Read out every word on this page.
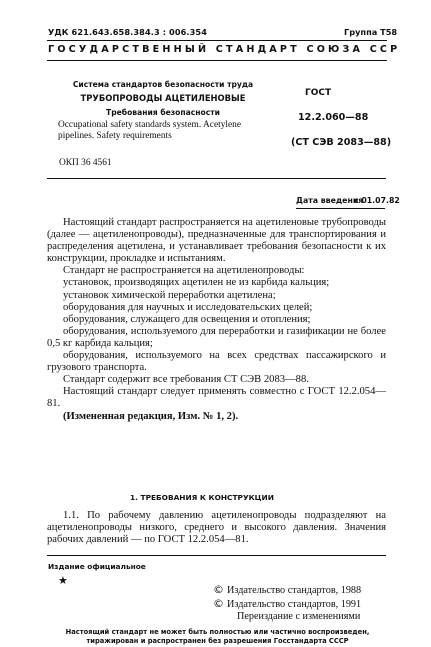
УДК 621.643.658.384.3 : 006.354	Группа Т58
ГОСУДАРСТВЕННЫЙ СТАНДАРТ СОЮЗА ССР
Система стандартов безопасности труда
ТРУБОПРОВОДЫ АЦЕТИЛЕНОВЫЕ
Требования безопасности
Occupational safety standards system. Acetylene pipelines. Safety requirements
ОКП 36 4561
ГОСТ
12.2.060—88
(СТ СЭВ 2083—88)
Дата введения
с 01.07.82

Настоящий стандарт распространяется на ацетиленовые трубопроводы (далее — ацетиленопроводы), предназначенные для транспортирования и распределения ацетилена, и устанавливает требования безопасности к их конструкции, прокладке и испытаниям.

Стандарт не распространяется на ацетиленопроводы:

установок, производящих ацетилен не из карбида кальция;

установок химической переработки ацетилена;

оборудования для научных и исследовательских целей;

оборудования, служащего для освещения и отопления;

оборудования, используемого для переработки и газификации не более 0,5 кг карбида кальция;

оборудования, используемого на всех средствах пассажирского и грузового транспорта.

Стандарт содержит все требования СТ СЭВ 2083—88.

Настоящий стандарт следует применять совместно с ГОСТ 12.2.054—81.

(Измененная редакция, Изм. № 1, 2).

1. ТРЕБОВАНИЯ К КОНСТРУКЦИИ

1.1. По рабочему давлению ацетиленопроводы подразделяют на ацетиленопроводы низкого, среднего и высокого давления. Значения рабочих давлений — по ГОСТ 12.2.054—81.

Издание официальное
★
© Издательство стандартов, 1988
© Издательство стандартов, 1991
Переиздание с изменениями
Настоящий стандарт не может быть полностью или частично воспроизведен, тиражирован и распространен без разрешения Госстандарта СССР
